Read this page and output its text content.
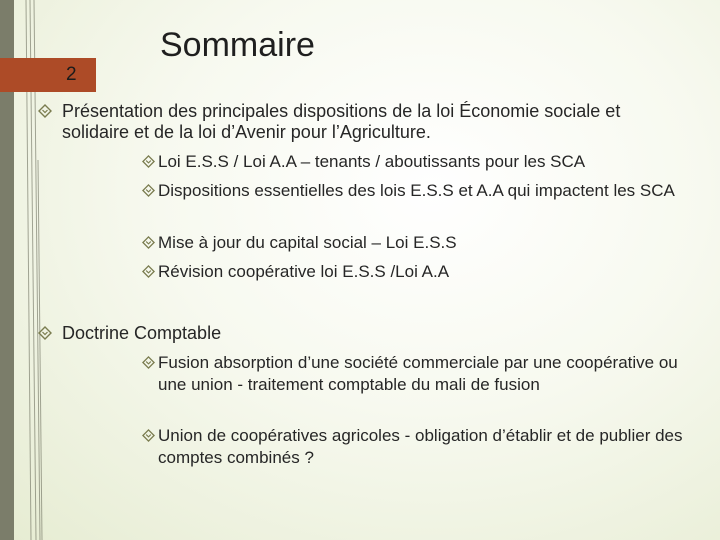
Sommaire
2
Présentation des principales dispositions de la loi Économie sociale et solidaire et de la loi d’Avenir pour l’Agriculture.
Loi E.S.S / Loi A.A – tenants / aboutissants pour les SCA
Dispositions essentielles des lois E.S.S et A.A qui impactent les SCA
Mise à jour du capital social – Loi E.S.S
Révision coopérative loi E.S.S /Loi A.A
Doctrine Comptable
Fusion absorption d’une société commerciale par une coopérative ou une union - traitement comptable du mali de fusion
Union de coopératives agricoles - obligation d’établir et de publier des comptes combinés ?
